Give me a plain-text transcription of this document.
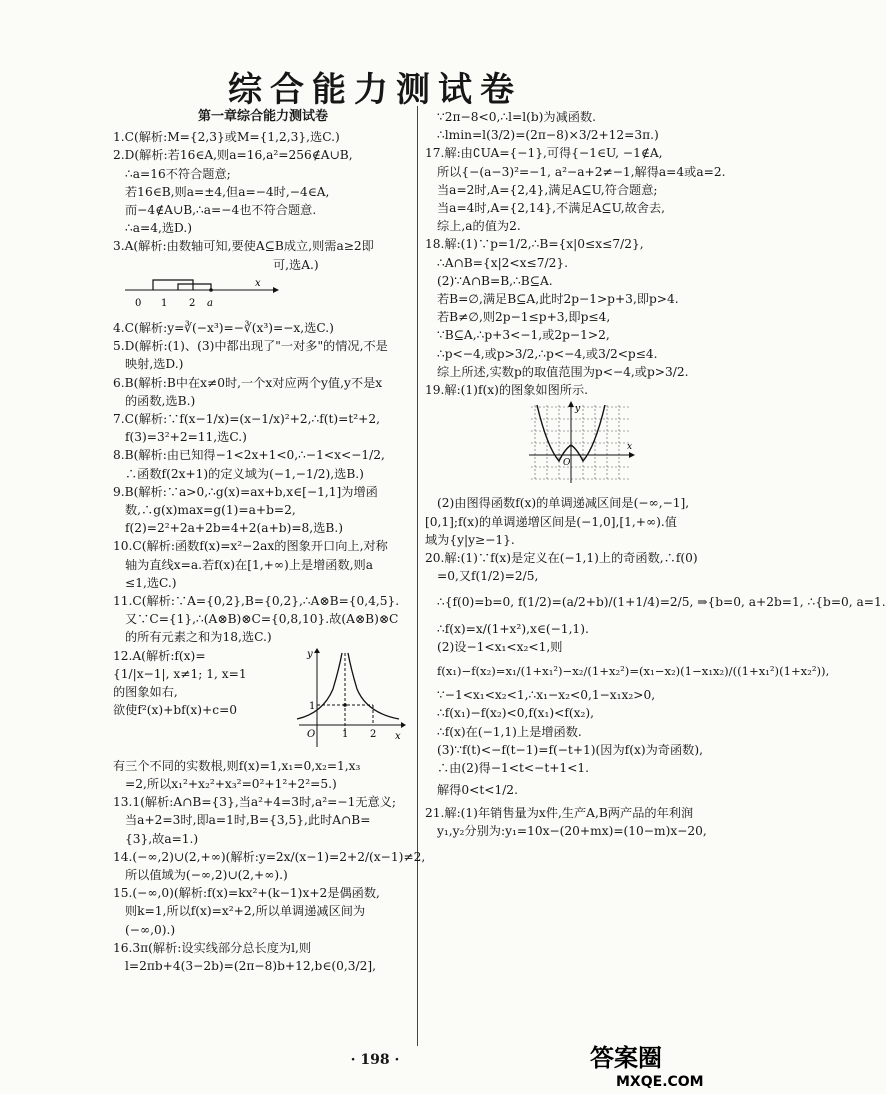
综合能力测试卷
第一章综合能力测试卷
1.C(解析:M={2,3}或M={1,2,3},选C.)
2.D(解析:若16∈A,则a=16,a²=256∉A∪B,
∴a=16不符合题意;
若16∈B,则a=±4,但a=−4时,−4∈A,
而−4∉A∪B,∴a=−4也不符合题意.
∴a=4,选D.)
3.A(解析:由数轴可知,要使A⊆B成立,则需a≥2即
可,选A.)
0 1 2 a
x
4.C(解析:y=∛(−x³)=−∛(x³)=−x,选C.)
5.D(解析:(1)、(3)中都出现了"一对多"的情况,不是
映射,选D.)
6.B(解析:B中在x≠0时,一个x对应两个y值,y不是x
的函数,选B.)
7.C(解析:∵f(x−1/x)=(x−1/x)²+2,∴f(t)=t²+2,
f(3)=3²+2=11,选C.)
8.B(解析:由已知得−1<2x+1<0,∴−1<x<−1/2,
∴函数f(2x+1)的定义域为(−1,−1/2),选B.)
9.B(解析:∵a>0,∴g(x)=ax+b,x∈[−1,1]为增函
数,∴g(x)max=g(1)=a+b=2,
f(2)=2²+2a+2b=4+2(a+b)=8,选B.)
10.C(解析:函数f(x)=x²−2ax的图象开口向上,对称
轴为直线x=a.若f(x)在[1,+∞)上是增函数,则a
≤1,选C.)
11.C(解析:∵A={0,2},B={0,2},∴A⊗B={0,4,5}.
又∵C={1},∴(A⊗B)⊗C={0,8,10}.故(A⊗B)⊗C
的所有元素之和为18,选C.)
12.A(解析:f(x)=
{1/|x−1|, x≠1; 1, x=1
的图象如右,
欲使f²(x)+bf(x)+c=0
y
O	1 2 x
1
有三个不同的实数根,则f(x)=1,x₁=0,x₂=1,x₃
=2,所以x₁²+x₂²+x₃²=0²+1²+2²=5.)
13.1(解析:A∩B={3},当a²+4=3时,a²=−1无意义;
当a+2=3时,即a=1时,B={3,5},此时A∩B=
{3},故a=1.)
14.(−∞,2)∪(2,+∞)(解析:y=2x/(x−1)=2+2/(x−1)≠2,
所以值域为(−∞,2)∪(2,+∞).)
15.(−∞,0)(解析:f(x)=kx²+(k−1)x+2是偶函数,
则k=1,所以f(x)=x²+2,所以单调递减区间为
(−∞,0).)
16.3π(解析:设实线部分总长度为l,则
l=2πb+4(3−2b)=(2π−8)b+12,b∈(0,3/2],
∵2π−8<0,∴l=l(b)为减函数.
∴lmin=l(3/2)=(2π−8)×3/2+12=3π.)
17.解:由∁UA={−1},可得{−1∈U, −1∉A,
所以{−(a−3)²=−1, a²−a+2≠−1,解得a=4或a=2.
当a=2时,A={2,4},满足A⊆U,符合题意;
当a=4时,A={2,14},不满足A⊆U,故舍去,
综上,a的值为2.
18.解:(1)∵p=1/2,∴B={x|0≤x≤7/2},
∴A∩B={x|2<x≤7/2}.
(2)∵A∩B=B,∴B⊆A.
若B=∅,满足B⊆A,此时2p−1>p+3,即p>4.
若B≠∅,则2p−1≤p+3,即p≤4,
∵B⊆A,∴p+3<−1,或2p−1>2,
∴p<−4,或p>3/2,∴p<−4,或3/2<p≤4.
综上所述,实数p的取值范围为p<−4,或p>3/2.
19.解:(1)f(x)的图象如图所示.
y
O
x
(2)由图得函数f(x)的单调递减区间是(−∞,−1],
[0,1];f(x)的单调递增区间是(−1,0],[1,+∞).值
域为{y|y≥−1}.
20.解:(1)∵f(x)是定义在(−1,1)上的奇函数,∴f(0)
=0,又f(1/2)=2/5,
∴{f(0)=b=0, f(1/2)=(a/2+b)/(1+1/4)=2/5, ⇒{b=0, a+2b=1, ∴{b=0, a=1.
∴f(x)=x/(1+x²),x∈(−1,1).
(2)设−1<x₁<x₂<1,则
f(x₁)−f(x₂)=x₁/(1+x₁²)−x₂/(1+x₂²)=(x₁−x₂)(1−x₁x₂)/((1+x₁²)(1+x₂²)),
∵−1<x₁<x₂<1,∴x₁−x₂<0,1−x₁x₂>0,
∴f(x₁)−f(x₂)<0,f(x₁)<f(x₂),
∴f(x)在(−1,1)上是增函数.
(3)∵f(t)<−f(t−1)=f(−t+1)(因为f(x)为奇函数),
∴由(2)得−1<t<−t+1<1.
解得0<t<1/2.
21.解:(1)年销售量为x件,生产A,B两产品的年利润
y₁,y₂分别为:y₁=10x−(20+mx)=(10−m)x−20,
· 198 ·	答案圈
MXQE.COM
